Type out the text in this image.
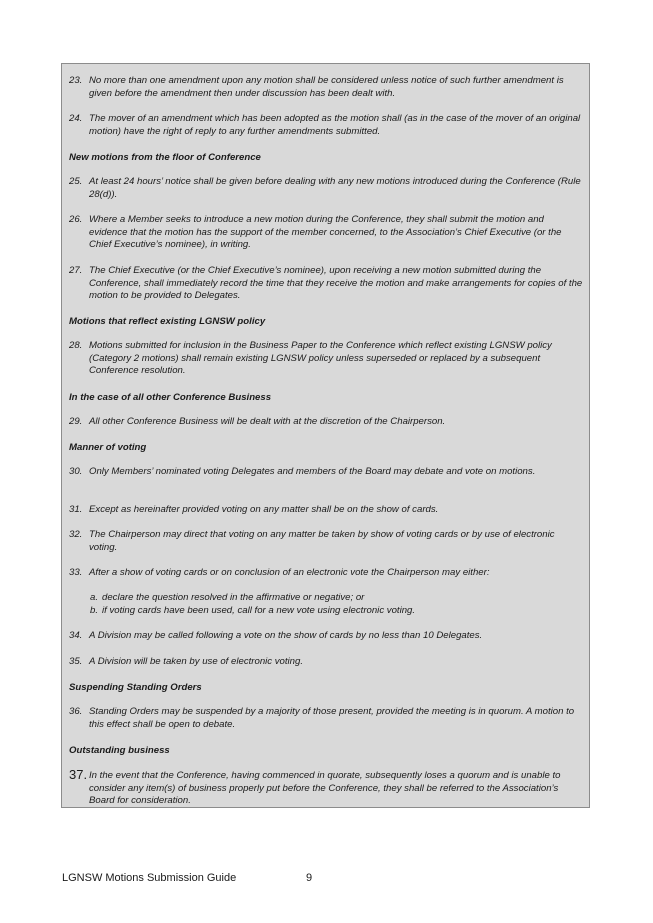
23. No more than one amendment upon any motion shall be considered unless notice of such further amendment is given before the amendment then under discussion has been dealt with.
24. The mover of an amendment which has been adopted as the motion shall (as in the case of the mover of an original motion) have the right of reply to any further amendments submitted.
New motions from the floor of Conference
25. At least 24 hours’ notice shall be given before dealing with any new motions introduced during the Conference (Rule 28(d)).
26. Where a Member seeks to introduce a new motion during the Conference, they shall submit the motion and evidence that the motion has the support of the member concerned, to the Association’s Chief Executive (or the Chief Executive’s nominee), in writing.
27. The Chief Executive (or the Chief Executive’s nominee), upon receiving a new motion submitted during the Conference, shall immediately record the time that they receive the motion and make arrangements for copies of the motion to be provided to Delegates.
Motions that reflect existing LGNSW policy
28. Motions submitted for inclusion in the Business Paper to the Conference which reflect existing LGNSW policy (Category 2 motions) shall remain existing LGNSW policy unless superseded or replaced by a subsequent Conference resolution.
In the case of all other Conference Business
29. All other Conference Business will be dealt with at the discretion of the Chairperson.
Manner of voting
30. Only Members’ nominated voting Delegates and members of the Board may debate and vote on motions.
31. Except as hereinafter provided voting on any matter shall be on the show of cards.
32. The Chairperson may direct that voting on any matter be taken by show of voting cards or by use of electronic voting.
33. After a show of voting cards or on conclusion of an electronic vote the Chairperson may either:
a. declare the question resolved in the affirmative or negative; or
b. if voting cards have been used, call for a new vote using electronic voting.
34. A Division may be called following a vote on the show of cards by no less than 10 Delegates.
35. A Division will be taken by use of electronic voting.
Suspending Standing Orders
36. Standing Orders may be suspended by a majority of those present, provided the meeting is in quorum. A motion to this effect shall be open to debate.
Outstanding business
37. In the event that the Conference, having commenced in quorate, subsequently loses a quorum and is unable to consider any item(s) of business properly put before the Conference, they shall be referred to the Association’s Board for consideration.
LGNSW Motions Submission Guide	9
